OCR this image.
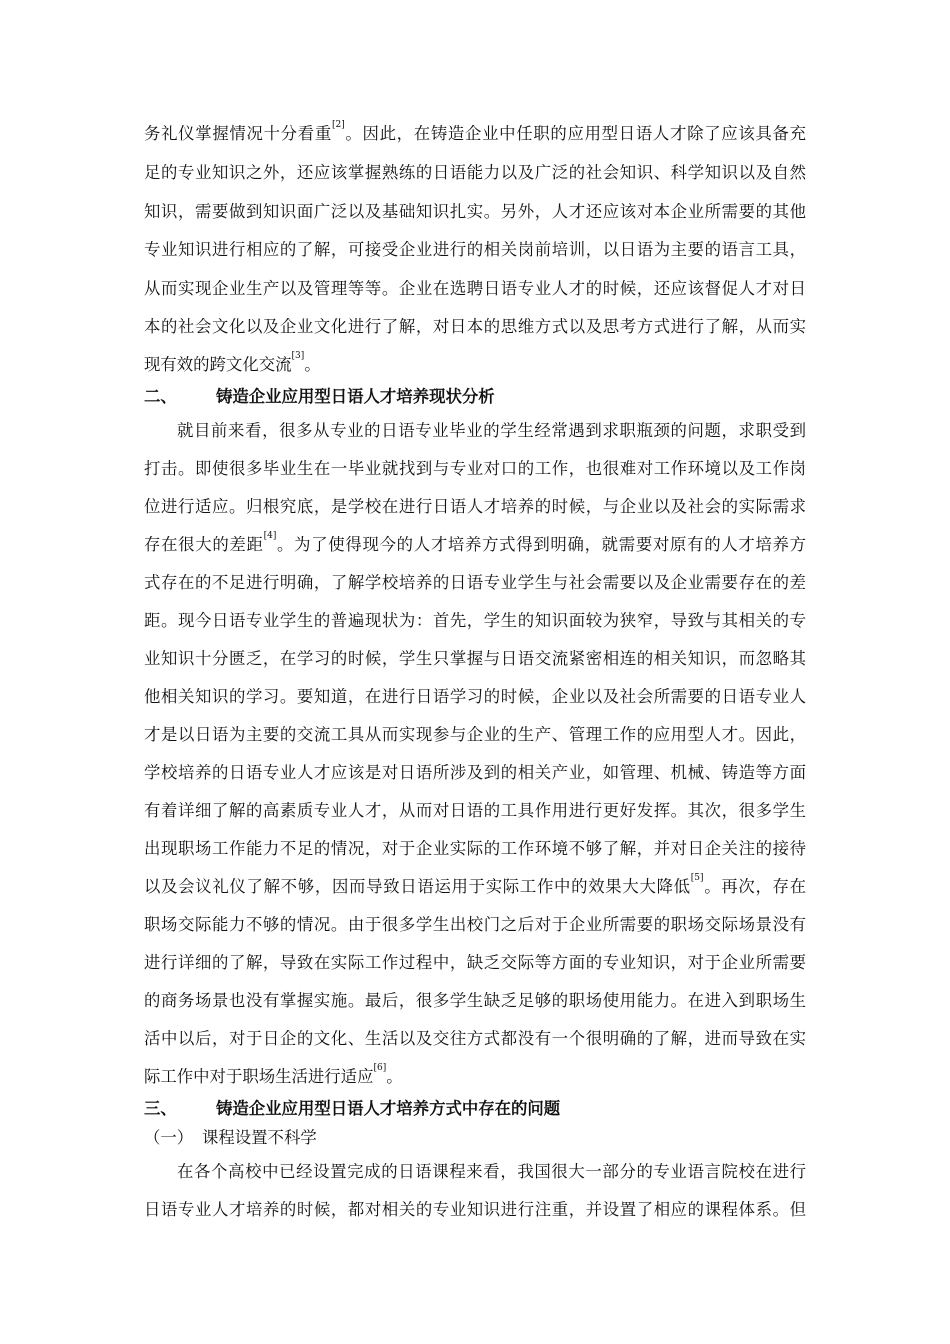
务礼仪掌握情况十分看重[2]。因此，在铸造企业中任职的应用型日语人才除了应该具备充
足的专业知识之外，还应该掌握熟练的日语能力以及广泛的社会知识、科学知识以及自然
知识，需要做到知识面广泛以及基础知识扎实。另外，人才还应该对本企业所需要的其他
专业知识进行相应的了解，可接受企业进行的相关岗前培训，以日语为主要的语言工具，
从而实现企业生产以及管理等等。企业在选聘日语专业人才的时候，还应该督促人才对日
本的社会文化以及企业文化进行了解，对日本的思维方式以及思考方式进行了解，从而实
现有效的跨文化交流[3]。
二、 铸造企业应用型日语人才培养现状分析
就目前来看，很多从专业的日语专业毕业的学生经常遇到求职瓶颈的问题，求职受到
打击。即使很多毕业生在一毕业就找到与专业对口的工作，也很难对工作环境以及工作岗
位进行适应。归根究底，是学校在进行日语人才培养的时候，与企业以及社会的实际需求
存在很大的差距[4]。为了使得现今的人才培养方式得到明确，就需要对原有的人才培养方
式存在的不足进行明确，了解学校培养的日语专业学生与社会需要以及企业需要存在的差
距。现今日语专业学生的普遍现状为：首先，学生的知识面较为狭窄，导致与其相关的专
业知识十分匮乏，在学习的时候，学生只掌握与日语交流紧密相连的相关知识，而忽略其
他相关知识的学习。要知道，在进行日语学习的时候，企业以及社会所需要的日语专业人
才是以日语为主要的交流工具从而实现参与企业的生产、管理工作的应用型人才。因此，
学校培养的日语专业人才应该是对日语所涉及到的相关产业，如管理、机械、铸造等方面
有着详细了解的高素质专业人才，从而对日语的工具作用进行更好发挥。其次，很多学生
出现职场工作能力不足的情况，对于企业实际的工作环境不够了解，并对日企关注的接待
以及会议礼仪了解不够，因而导致日语运用于实际工作中的效果大大降低[5]。再次，存在
职场交际能力不够的情况。由于很多学生出校门之后对于企业所需要的职场交际场景没有
进行详细的了解，导致在实际工作过程中，缺乏交际等方面的专业知识，对于企业所需要
的商务场景也没有掌握实施。最后，很多学生缺乏足够的职场使用能力。在进入到职场生
活中以后，对于日企的文化、生活以及交往方式都没有一个很明确的了解，进而导致在实
际工作中对于职场生活进行适应[6]。
三、 铸造企业应用型日语人才培养方式中存在的问题
（一） 课程设置不科学
在各个高校中已经设置完成的日语课程来看，我国很大一部分的专业语言院校在进行
日语专业人才培养的时候，都对相关的专业知识进行注重，并设置了相应的课程体系。但
